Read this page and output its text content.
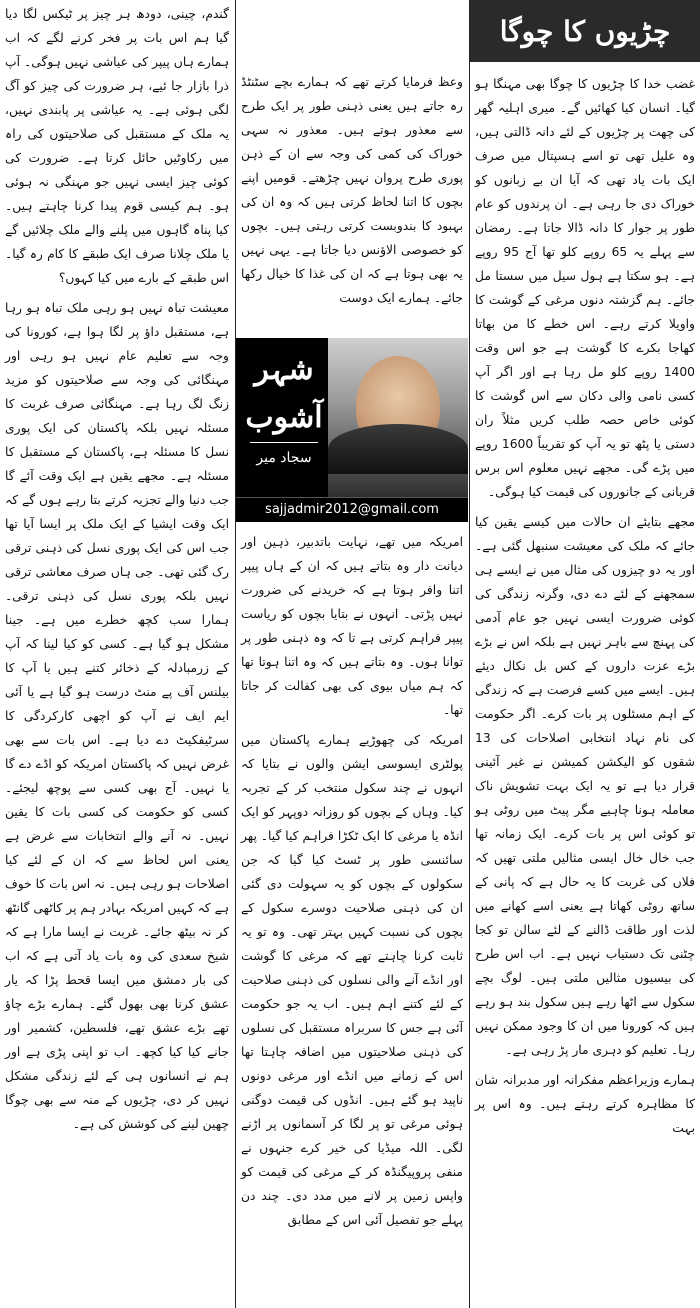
چڑیوں کا چوگا

غضب خدا کا چڑیوں کا چوگا بھی مہنگا ہو گیا۔ انسان کیا کھائیں گے۔ میری اہلیہ گھر کی چھت پر چڑیوں کے لئے دانہ ڈالتی ہیں، وہ علیل تھی تو اسے ہسپتال میں صرف ایک بات یاد تھی کہ آیا ان بے زبانوں کو خوراک دی جا رہی ہے۔ ان پرندوں کو عام طور پر جوار کا دانہ ڈالا جاتا ہے۔ رمضان سے پہلے یہ 65 روپے کلو تھا آج 95 روپے ہے۔ ہو سکتا ہے ہول سیل میں سستا مل جائے۔ ہم گزشتہ دنوں مرغی کے گوشت کا واویلا کرتے رہے۔ اس خطے کا من بھاتا کھاجا بکرے کا گوشت ہے جو اس وقت 1400 روپے کلو مل رہا ہے اور اگر آپ کسی نامی والی دکان سے اس گوشت کا کوئی خاص حصہ طلب کریں مثلاً ران دستی یا پٹھ تو یہ آپ کو تقریباً 1600 روپے میں پڑے گی۔ مجھے نہیں معلوم اس برس قربانی کے جانوروں کی قیمت کیا ہوگی۔

مجھے بتایئے ان حالات میں کیسے یقین کیا جائے کہ ملک کی معیشت سنبھل گئی ہے۔ اور یہ دو چیزوں کی مثال میں نے ایسے ہی سمجھنے کے لئے دے دی، وگرنہ زندگی کی کوئی ضرورت ایسی نہیں جو عام آدمی کی پہنچ سے باہر نہیں ہے بلکہ اس نے بڑے بڑے عزت داروں کے کس بل نکال دیئے ہیں۔ ایسے میں کسے فرصت ہے کہ زندگی کے اہم مسئلوں پر بات کرے۔ اگر حکومت کی نام نہاد انتخابی اصلاحات کی 13 شقوں کو الیکشن کمیشن نے غیر آئینی قرار دیا ہے تو یہ ایک بہت تشویش ناک معاملہ ہونا چاہیے مگر پیٹ میں روٹی ہو تو کوئی اس پر بات کرے۔ ایک زمانہ تھا جب خال خال ایسی مثالیں ملتی تھیں کہ فلاں کی غربت کا یہ حال ہے کہ پانی کے ساتھ روٹی کھاتا ہے یعنی اسے کھانے میں لذت اور طاقت ڈالنے کے لئے سالن تو کجا چٹنی تک دستیاب نہیں ہے۔ اب اس طرح کی بیسیوں مثالیں ملتی ہیں۔ لوگ بچے سکول سے اٹھا رہے ہیں سکول بند ہو رہے ہیں کہ کورونا میں ان کا وجود ممکن نہیں رہا۔ تعلیم کو دہری مار پڑ رہی ہے۔

ہمارے وزیراعظم مفکرانہ اور مدبرانہ شان کا مظاہرہ کرتے رہتے ہیں۔ وہ اس پر بہت

وعظ فرمایا کرتے تھے کہ ہمارے بچے سٹنٹڈ رہ جاتے ہیں یعنی ذہنی طور پر ایک طرح سے معذور ہوتے ہیں۔ معذور نہ سہی خوراک کی کمی کی وجہ سے ان کے ذہن پوری طرح پروان نہیں چڑھتے۔ قومیں اپنے بچوں کا اتنا لحاظ کرتی ہیں کہ وہ ان کی بہبود کا بندوبست کرتی رہتی ہیں۔ بچوں کو خصوصی الاؤنس دیا جاتا ہے۔ یہی نہیں یہ بھی ہوتا ہے کہ ان کی غذا کا خیال رکھا جائے۔ ہمارے ایک دوست

امریکہ میں تھے، نہایت باتدبیر، ذہین اور دیانت دار وہ بتاتے ہیں کہ ان کے ہاں پیپر اتنا وافر ہوتا ہے کہ خریدنے کی ضرورت نہیں پڑتی۔ انہوں نے بتایا بچوں کو ریاست پیپر فراہم کرتی ہے تا کہ وہ ذہنی طور پر توانا ہوں۔ وہ بتاتے ہیں کہ وہ اتنا ہوتا تھا کہ ہم میاں بیوی کی بھی کفالت کر جاتا تھا۔

امریکہ کی چھوڑیے ہمارے پاکستان میں پولٹری ایسوسی ایشن والوں نے بتایا کہ انہوں نے چند سکول منتخب کر کے تجربہ کیا۔ وہاں کے بچوں کو روزانہ دوپہر کو ایک انڈہ یا مرغی کا ایک ٹکڑا فراہم کیا گیا۔ پھر سائنسی طور پر ٹسٹ کیا گیا کہ جن سکولوں کے بچوں کو یہ سہولت دی گئی ان کی ذہنی صلاحیت دوسرے سکول کے بچوں کی نسبت کہیں بہتر تھی۔ وہ تو یہ ثابت کرنا چاہتے تھے کہ مرغی کا گوشت اور انڈے آنے والی نسلوں کی ذہنی صلاحیت کے لئے کتنے اہم ہیں۔ اب یہ جو حکومت آئی ہے جس کا سربراہ مستقبل کی نسلوں کی ذہنی صلاحیتوں میں اضافہ چاہتا تھا اس کے زمانے میں انڈے اور مرغی دونوں ناپید ہو گئے ہیں۔ انڈوں کی قیمت دوگنی ہوئی مرغی تو پر لگا کر آسمانوں پر اڑنے لگی۔ اللہ میڈیا کی خیر کرے جنہوں نے منفی پروپیگنڈہ کر کے مرغی کی قیمت کو واپس زمین پر لانے میں مدد دی۔ چند دن پہلے جو تفصیل آئی اس کے مطابق

شہر
آشوب
سجاد میر
sajjadmir2012@gmail.com

گندم، چینی، دودھ ہر چیز پر ٹیکس لگا دیا گیا ہم اس بات پر فخر کرنے لگے کہ اب ہمارے ہاں پیپر کی عیاشی نہیں ہوگی۔ آپ ذرا بازار جا ئیے، ہر ضرورت کی چیز کو آگ لگی ہوئی ہے۔ یہ عیاشی پر پابندی نہیں، یہ ملک کے مستقبل کی صلاحیتوں کی راہ میں رکاوٹیں حائل کرتا ہے۔ ضرورت کی کوئی چیز ایسی نہیں جو مہنگی نہ ہوئی ہو۔ ہم کیسی قوم پیدا کرنا چاہتے ہیں۔ کیا پناہ گاہوں میں پلنے والے ملک چلائیں گے یا ملک چلانا صرف ایک طبقے کا کام رہ گیا۔ اس طبقے کے بارے میں کیا کہوں؟

معیشت تباہ نہیں ہو رہی ملک تباہ ہو رہا ہے، مستقبل داؤ پر لگا ہوا ہے، کورونا کی وجہ سے تعلیم عام نہیں ہو رہی اور مہنگائی کی وجہ سے صلاحیتوں کو مزید زنگ لگ رہا ہے۔ مہنگائی صرف غربت کا مسئلہ نہیں بلکہ پاکستان کی ایک پوری نسل کا مسئلہ ہے، پاکستان کے مستقبل کا مسئلہ ہے۔ مجھے یقین ہے ایک وقت آئے گا جب دنیا والے تجزیہ کرتے بتا رہے ہوں گے کہ ایک وقت ایشیا کے ایک ملک پر ایسا آیا تھا جب اس کی ایک پوری نسل کی ذہنی ترقی رک گئی تھی۔ جی ہاں صرف معاشی ترقی نہیں بلکہ پوری نسل کی ذہنی ترقی۔ ہمارا سب کچھ خطرے میں ہے۔ جینا مشکل ہو گیا ہے۔ کسی کو کیا لینا کہ آپ کے زرمبادلہ کے ذخائر کتنے ہیں یا آپ کا بیلنس آف پے منٹ درست ہو گیا ہے یا آئی ایم ایف نے آپ کو اچھی کارکردگی کا سرٹیفکیٹ دے دیا ہے۔ اس بات سے بھی غرض نہیں کہ پاکستان امریکہ کو اڈے دے گا یا نہیں۔ آج بھی کسی سے پوچھ لیجئے۔ کسی کو حکومت کی کسی بات کا یقین نہیں۔ نہ آنے والے انتخابات سے غرض ہے یعنی اس لحاظ سے کہ ان کے لئے کیا اصلاحات ہو رہی ہیں۔ نہ اس بات کا خوف ہے کہ کہیں امریکہ بہادر ہم پر کاٹھی گانٹھ کر نہ بیٹھ جائے۔ غربت نے ایسا مارا ہے کہ شیخ سعدی کی وہ بات یاد آتی ہے کہ اب کی بار دمشق میں ایسا قحط پڑا کہ یار عشق کرنا بھی بھول گئے۔ ہمارے بڑے چاؤ تھے بڑے عشق تھے، فلسطین، کشمیر اور جانے کیا کیا کچھ۔ اب تو اپنی پڑی ہے اور ہم نے انسانوں ہی کے لئے زندگی مشکل نہیں کر دی، چڑیوں کے منہ سے بھی چوگا چھین لینے کی کوشش کی ہے۔
